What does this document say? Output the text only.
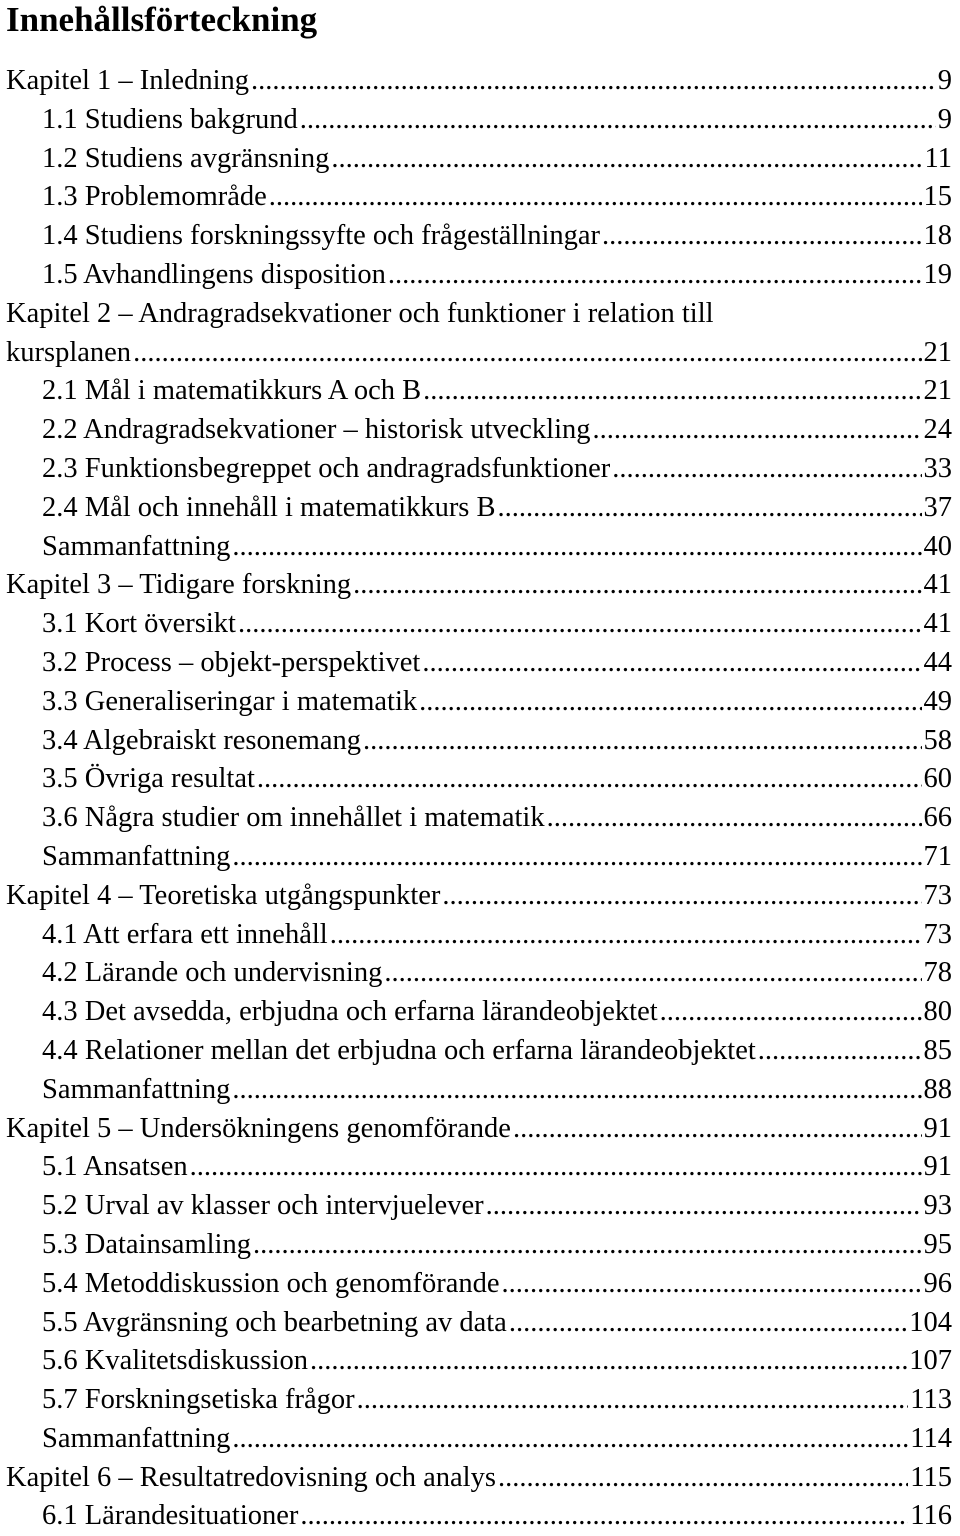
Innehållsförteckning
Kapitel 1 – Inledning .....	9
1.1 Studiens bakgrund .....	9
1.2 Studiens avgränsning .....	11
1.3 Problemområde .....	15
1.4 Studiens forskningssyfte och frågeställningar .....	18
1.5 Avhandlingens disposition .....	19
Kapitel 2 – Andragradsekvationer och funktioner i relation till
kursplanen .....	21
2.1 Mål i matematikkurs A och B .....	21
2.2 Andragradsekvationer – historisk utveckling .....	24
2.3 Funktionsbegreppet och andragradsfunktioner .....	33
2.4 Mål och innehåll i matematikkurs B .....	37
Sammanfattning .....	40
Kapitel 3 – Tidigare forskning .....	41
3.1 Kort översikt .....	41
3.2 Process – objekt-perspektivet .....	44
3.3 Generaliseringar i matematik .....	49
3.4 Algebraiskt resonemang .....	58
3.5 Övriga resultat .....	60
3.6 Några studier om innehållet i matematik .....	66
Sammanfattning .....	71
Kapitel 4 – Teoretiska utgångspunkter .....	73
4.1 Att erfara ett innehåll .....	73
4.2 Lärande och undervisning .....	78
4.3 Det avsedda, erbjudna och erfarna lärandeobjektet .....	80
4.4 Relationer mellan det erbjudna och erfarna lärandeobjektet .....	85
Sammanfattning .....	88
Kapitel 5 – Undersökningens genomförande .....	91
5.1 Ansatsen .....	91
5.2 Urval av klasser och intervjuelever .....	93
5.3 Datainsamling .....	95
5.4 Metoddiskussion och genomförande .....	96
5.5 Avgränsning och bearbetning av data .....	104
5.6 Kvalitetsdiskussion .....	107
5.7 Forskningsetiska frågor .....	113
Sammanfattning .....	114
Kapitel 6 – Resultatredovisning och analys .....	115
6.1 Lärandesituationer .....	116
